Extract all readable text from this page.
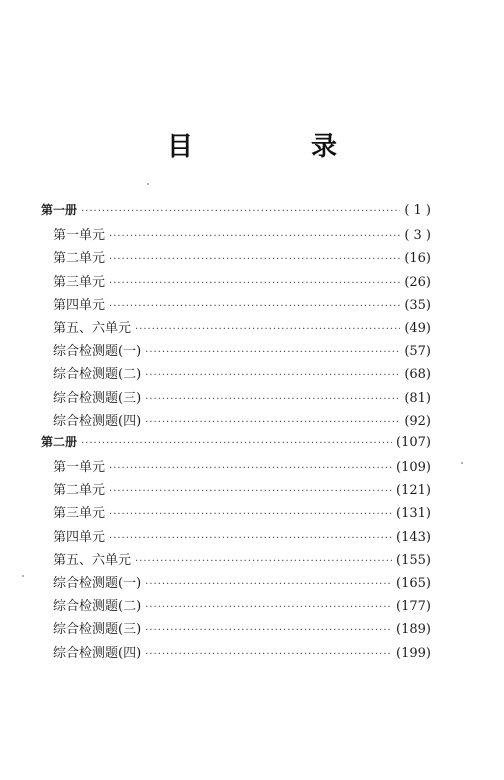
目　录
第一册 ·····	( 1 )
第一单元 ·····	( 3 )
第二单元 ·····	(16)
第三单元 ·····	(26)
第四单元 ·····	(35)
第五、六单元 ·····	(49)
综合检测题(一) ·····	(57)
综合检测题(二) ·····	(68)
综合检测题(三) ·····	(81)
综合检测题(四) ·····	(92)
第二册 ·····	(107)
第一单元 ·····	(109)
第二单元 ·····	(121)
第三单元 ·····	(131)
第四单元 ·····	(143)
第五、六单元 ·····	(155)
综合检测题(一) ·····	(165)
综合检测题(二) ·····	(177)
综合检测题(三) ·····	(189)
综合检测题(四) ·····	(199)
